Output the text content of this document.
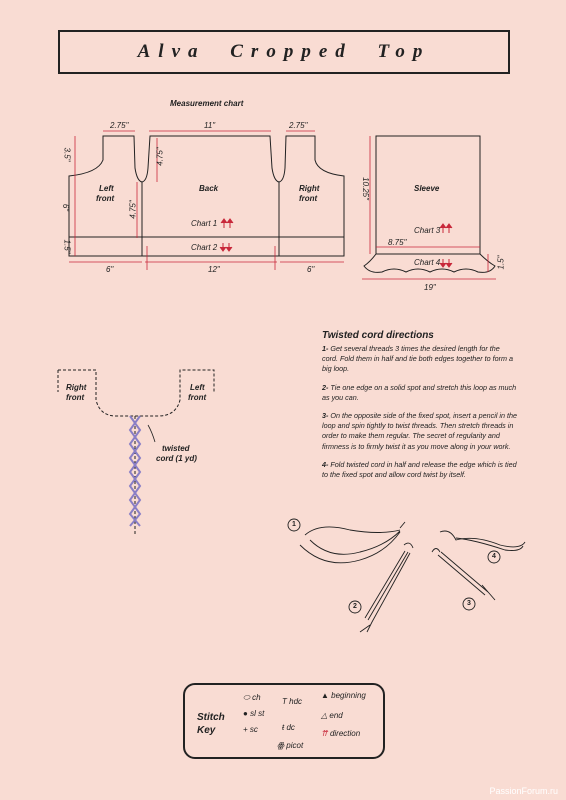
Alva Cropped Top
Measurement chart
2.75"	11"	2.75"
3.5"	4.75"
4.75"
6"
1.5"
6"	12"	6"
Left
front
Back	Right
front
Chart 1
Chart 2
Sleeve
10.25"
8.75"
Chart 3
Chart 4	1.5"
19"
Right
front
Left
front
twisted
cord (1 yd)
Twisted cord directions

1- Get several threads 3 times the desired length for the cord. Fold them in half and tie both edges together to form a big loop.

2- Tie one edge on a solid spot and stretch this loop as much as you can.

3- On the opposite side of the fixed spot, insert a pencil in the loop and spin tightly to twist threads. Then stretch threads in order to make them regular. The secret of regularity and firmness is to firmly twist it as you move along in your work.

4- Fold twisted cord in half and release the edge which is tied to the fixed spot and allow cord twist by itself.

1
2	3
4
Stitch
Key
⬭ ch
● sl st
+ sc
T hdc
ŧ dc
ꙮ picot
▲ beginning
△ end
⇈ direction
PassionForum.ru
